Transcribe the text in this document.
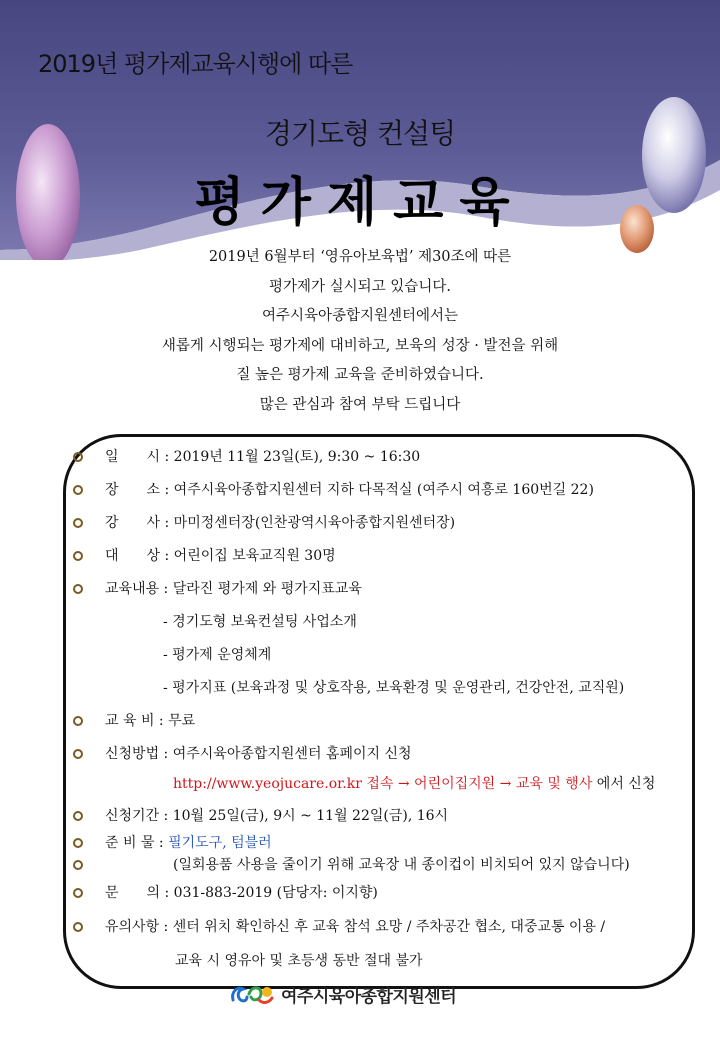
2019년 평가제교육시행에 따른
경기도형 컨설팅
평가제교육
2019년 6월부터 ‘영유아보육법’ 제30조에 따른
평가제가 실시되고 있습니다.
여주시육아종합지원센터에서는
새롭게 시행되는 평가제에 대비하고, 보육의 성장 · 발전을 위해
질 높은 평가제 교육을 준비하였습니다.
많은 관심과 참여 부탁 드립니다
일　　시 : 2019년 11월 23일(토), 9:30 ~ 16:30
장　　소 : 여주시육아종합지원센터 지하 다목적실 (여주시 여흥로 160번길 22)
강　　사 : 마미정센터장(인찬광역시육아종합지원센터장)
대　　상 : 어린이집 보육교직원 30명
교육내용 : 달라진 평가제 와 평가지표교육
- 경기도형 보육컨설팅 사업소개
- 평가제 운영체계
- 평가지표 (보육과정 및 상호작용, 보육환경 및 운영관리, 건강안전, 교직원)
교 육 비 : 무료
신청방법 : 여주시육아종합지원센터 홈페이지 신청
http://www.yeojucare.or.kr 접속 → 어린이집지원 → 교육 및 행사 에서 신청
신청기간 : 10월 25일(금), 9시 ~ 11월 22일(금), 16시
준 비 물 : 필기도구, 텀블러
(일회용품 사용을 줄이기 위해 교육장 내 종이컵이 비치되어 있지 않습니다)
문　　의 : 031-883-2019 (담당자: 이지향)
유의사항 : 센터 위치 확인하신 후 교육 참석 요망 / 주차공간 협소, 대중교통 이용 /
교육 시 영유아 및 초등생 동반 절대 불가
여주시육아종합지원센터
